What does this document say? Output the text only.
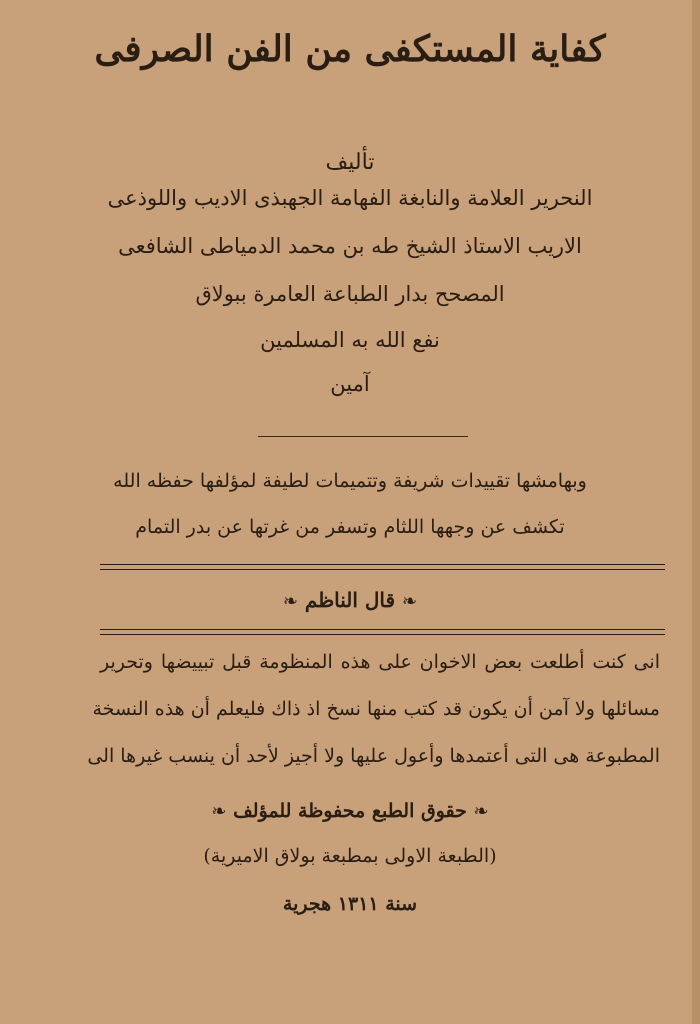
كفاية المستكفى من الفن الصرفى
تأليف
النحرير العلامة والنابغة الفهامة الجهبذى الاديب واللوذعى
الاريب الاستاذ الشيخ طه بن محمد الدمياطى الشافعى
المصحح بدار الطباعة العامرة ببولاق
نفع الله به المسلمين
آمين
وبهامشها تقييدات شريفة وتتميمات لطيفة لمؤلفها حفظه الله
تكشف عن وجهها اللثام وتسفر من غرتها عن بدر التمام
❧ قال الناظم ❧
انى كنت أطلعت بعض الاخوان على هذه المنظومة قبل تبييضها وتحرير
مسائلها ولا آمن أن يكون قد كتب منها نسخ اذ ذاك فليعلم أن هذه النسخة
المطبوعة هى التى أعتمدها وأعول عليها ولا أجيز لأحد أن ينسب غيرها الى
❧ حقوق الطبع محفوظة للمؤلف ❧
(الطبعة الاولى بمطبعة بولاق الاميرية)
سنة ١٣١١ هجرية
